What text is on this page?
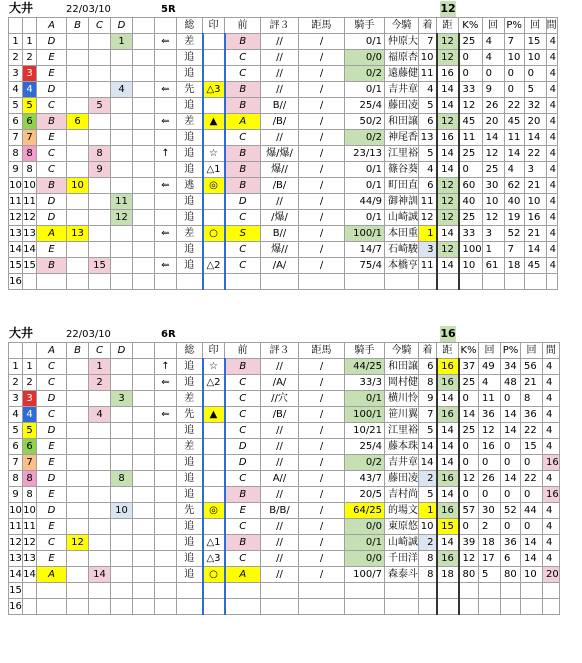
大井	22/03/10	5R	12
		A	B	C	D			総	印	前	評３	距馬	騎手	今騎	着	距	K%	回	P%	回	間
1	1	D			1		⇐	差		B	//	/	0/1	仲原大	7	12	25	4	7	15	4
2	2	E						追		C	//	/	0/0	福原杏	10	12	0	4	10	10	4
3	3	E						追		C	//	/	0/2	遠藤健	11	16	0	0	0	0	4
4	4	D			4		⇐	先	△3	B	//	/	0/1	吉井章	4	14	33	9	0	5	4
5	5	C		5				追		B	B//	/	25/4	藤田凌	5	14	12	26	22	32	4
6	6	B	6				⇐	差	▲	A	/B/	/	50/2	和田譲	6	12	45	20	45	20	4
7	7	E						追		C	//	/	0/2	神尾香	13	16	11	14	11	14	4
8	8	C		8			↑	追	☆	B	爆/爆/	/	23/13	江里裕	5	14	25	12	14	22	4
9	8	C		9				追	△1	B	爆//	/	0/1	篠谷葵	4	14	0	25	4	3	4
10	10	B	10				⇐	逃	◎	B	/B/	/	0/1	町田直	6	12	60	30	62	21	4
11	11	D			11			追		D	//	/	44/9	御神訓	11	12	40	10	40	10	4
12	12	D			12			追		C	/爆/	/	0/1	山崎誠	12	12	25	12	19	16	4
13	13	A	13				⇐	差	○	S	B//	/	100/1	本田重	1	14	33	3	52	21	4
14	14	E						追		C	爆//	/	14/7	石崎駿	3	12	100	1	7	14	4
15	15	B		15			⇐	追	△2	C	/A/	/	75/4	本橋亨	11	14	10	61	18	45	4
16																					
大井	22/03/10	6R	16
		A	B	C	D			総	印	前	評３	距馬	騎手	今騎	着	距	K%	回	P%	回	間
1	1	C		1			↑	追	☆	B	//	/	44/25	和田譲	6	16	37	49	34	56	4
2	2	C		2			⇐	追	△2	C	/A/	/	33/3	岡村健	8	16	25	4	48	21	4
3	3	D			3			差		C	//穴	/	0/1	横川怜	9	14	0	11	0	8	4
4	4	C		4			⇐	先	▲	C	/B/	/	100/1	笹川翼	7	16	14	36	14	36	4
5	5	D						追		C	//	/	10/21	江里裕	5	14	25	12	14	22	4
6	6	E						差		D	//	/	25/4	藤本珠	14	14	0	16	0	15	4
7	7	E						追		D	//	/	0/2	吉井章	14	14	0	0	0	0	16
8	8	D			8			追		C	A//	/	43/7	藤田凌	2	16	12	26	14	22	4
9	8	E						追		B	//	/	20/5	吉村尚	5	14	0	0	0	0	16
10	10	D			10			先	◎	E	B/B/	/	64/25	的場文	1	16	57	30	52	44	4
11	11	E						追		C	//	/	0/0	東原悠	10	15	0	2	0	0	4
12	12	C	12					追	△1	B	//	/	0/1	山崎誠	2	14	39	18	36	14	4
13	13	E						追	△3	C	//	/	0/0	千田洋	8	16	12	17	6	14	4
14	14	A		14				追	○	A	//	/	100/7	森泰斗	8	18	80	5	80	10	20
15																					
16																					
